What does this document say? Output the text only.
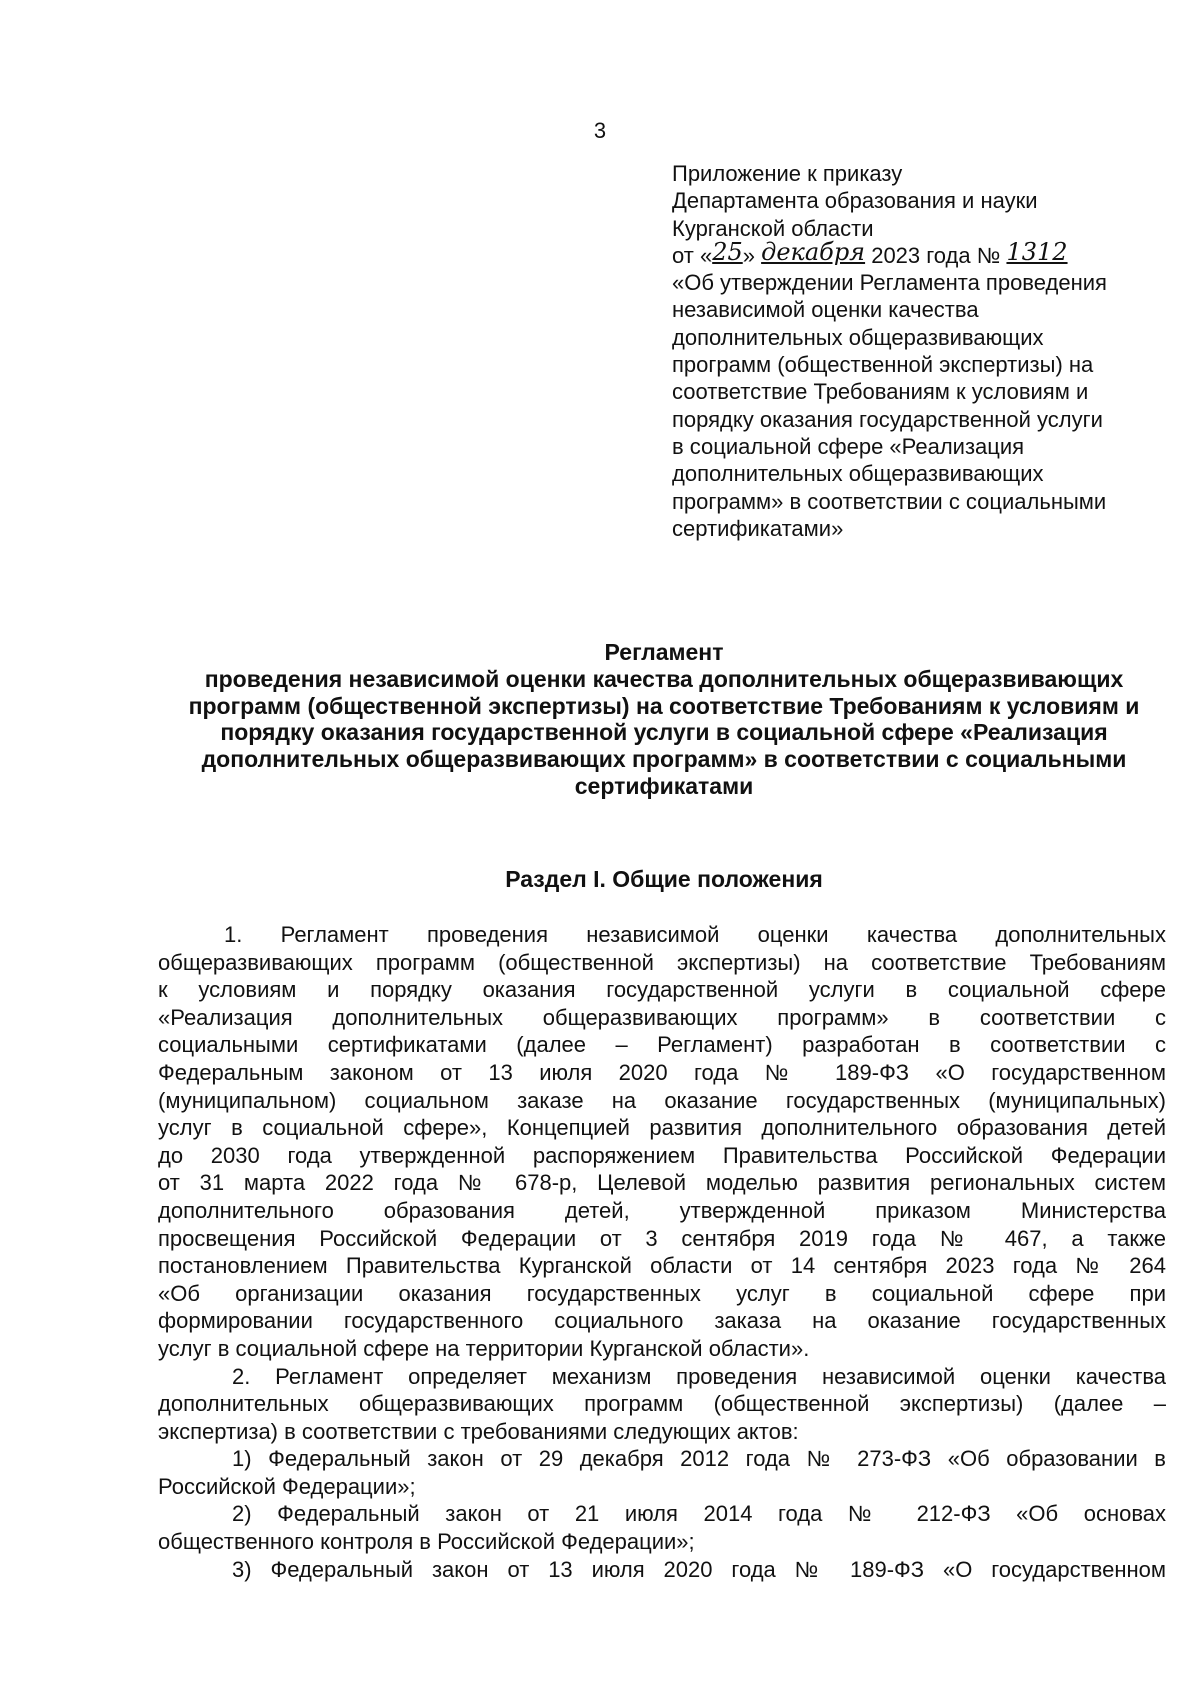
3
Приложение к приказу
Департамента образования и науки
Курганской области
от «25» декабря 2023 года № 1312
«Об утверждении Регламента проведения
независимой оценки качества
дополнительных общеразвивающих
программ (общественной экспертизы) на
соответствие Требованиям к условиям и
порядку оказания государственной услуги
в социальной сфере «Реализация
дополнительных общеразвивающих
программ» в соответствии с социальными
сертификатами»
Регламент
проведения независимой оценки качества дополнительных общеразвивающих
программ (общественной экспертизы) на соответствие Требованиям к условиям и
порядку оказания государственной услуги в социальной сфере «Реализация
дополнительных общеразвивающих программ» в соответствии с социальными
сертификатами
Раздел I. Общие положения
1. Регламент проведения независимой оценки качества дополнительных
общеразвивающих программ (общественной экспертизы) на соответствие Требованиям
к условиям и порядку оказания государственной услуги в социальной сфере
«Реализация дополнительных общеразвивающих программ» в соответствии с
социальными сертификатами (далее – Регламент) разработан в соответствии с
Федеральным законом от 13 июля 2020 года № 189-ФЗ «О государственном
(муниципальном) социальном заказе на оказание государственных (муниципальных)
услуг в социальной сфере», Концепцией развития дополнительного образования детей
до 2030 года утвержденной распоряжением Правительства Российской Федерации
от 31 марта 2022 года № 678-р, Целевой моделью развития региональных систем
дополнительного образования детей, утвержденной приказом Министерства
просвещения Российской Федерации от 3 сентября 2019 года № 467, а также
постановлением Правительства Курганской области от 14 сентября 2023 года № 264
«Об организации оказания государственных услуг в социальной сфере при
формировании государственного социального заказа на оказание государственных
услуг в социальной сфере на территории Курганской области».
2. Регламент определяет механизм проведения независимой оценки качества
дополнительных общеразвивающих программ (общественной экспертизы) (далее –
экспертиза) в соответствии с требованиями следующих актов:
1) Федеральный закон от 29 декабря 2012 года № 273-ФЗ «Об образовании в
Российской Федерации»;
2) Федеральный закон от 21 июля 2014 года № 212-ФЗ «Об основах
общественного контроля в Российской Федерации»;
3) Федеральный закон от 13 июля 2020 года № 189-ФЗ «О государственном
